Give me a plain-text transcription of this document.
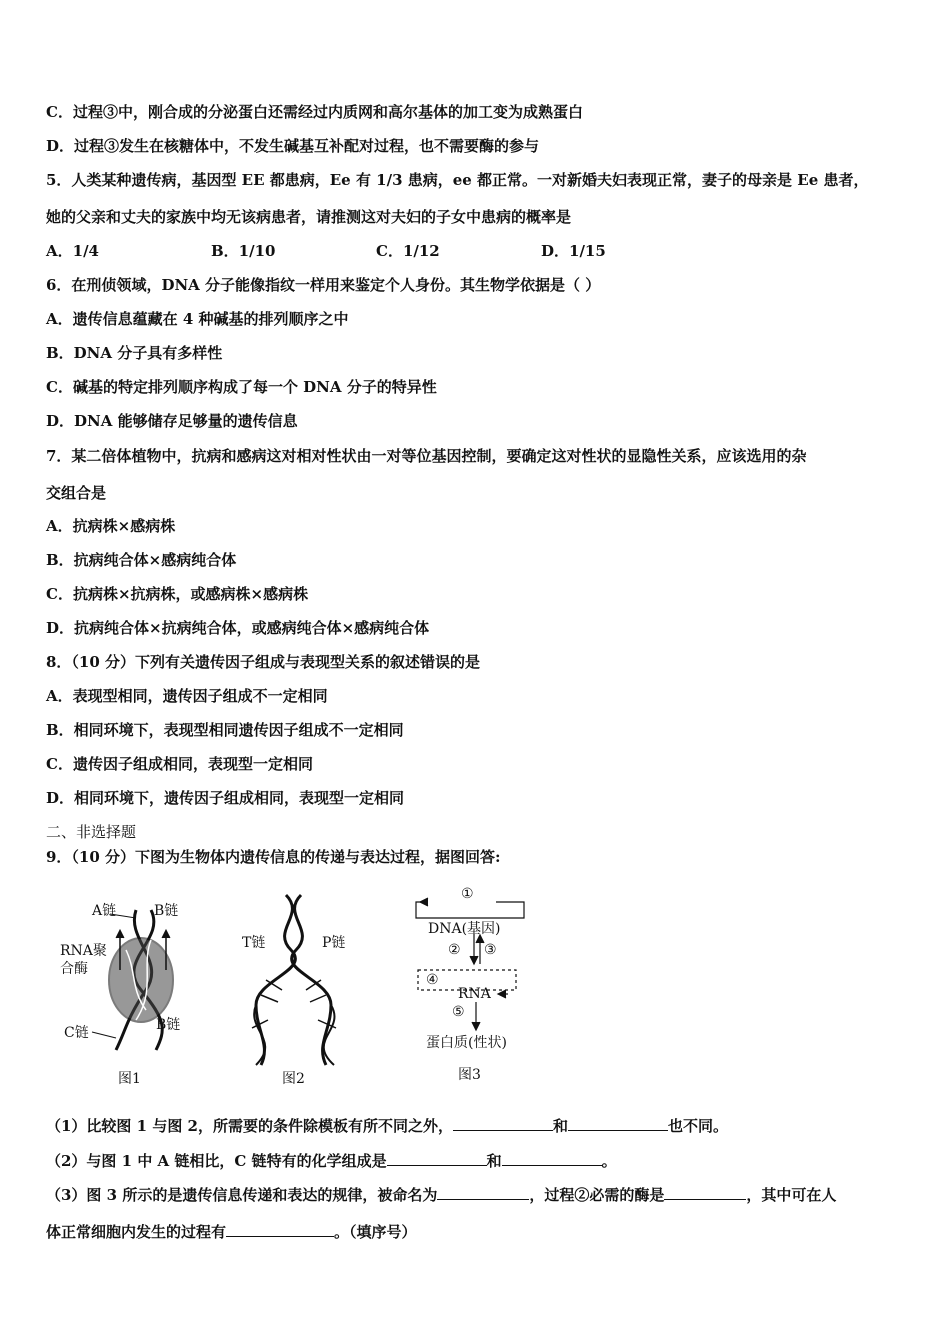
C．过程③中，刚合成的分泌蛋白还需经过内质网和高尔基体的加工变为成熟蛋白
D．过程③发生在核糖体中，不发生碱基互补配对过程，也不需要酶的参与
5．人类某种遗传病，基因型 EE 都患病，Ee 有 1/3 患病，ee 都正常。一对新婚夫妇表现正常，妻子的母亲是 Ee 患者，
她的父亲和丈夫的家族中均无该病患者，请推测这对夫妇的子女中患病的概率是
A．1/4	B．1/10	C．1/12	D．1/15
6．在刑侦领域，DNA 分子能像指纹一样用来鉴定个人身份。其生物学依据是（ ）
A．遗传信息蕴藏在 4 种碱基的排列顺序之中
B．DNA 分子具有多样性
C．碱基的特定排列顺序构成了每一个 DNA 分子的特异性
D．DNA 能够储存足够量的遗传信息
7．某二倍体植物中，抗病和感病这对相对性状由一对等位基因控制，要确定这对性状的显隐性关系，应该选用的杂
交组合是
A．抗病株×感病株
B．抗病纯合体×感病纯合体
C．抗病株×抗病株，或感病株×感病株
D．抗病纯合体×抗病纯合体，或感病纯合体×感病纯合体
8．（10 分）下列有关遗传因子组成与表现型关系的叙述错误的是
A．表现型相同，遗传因子组成不一定相同
B．相同环境下，表现型相同遗传因子组成不一定相同
C．遗传因子组成相同，表现型一定相同
D．相同环境下，遗传因子组成相同，表现型一定相同
二、非选择题
9．（10 分）下图为生物体内遗传信息的传递与表达过程，据图回答:
A链	B链
RNA聚
合酶
C链	B链
图1
T链	P链
图2
①
DNA(基因)
② ③
④
RNA
⑤
蛋白质(性状)
图3
（1）比较图 1 与图 2，所需要的条件除模板有所不同之外，	和	也不同。
（2）与图 1 中 A 链相比，C 链特有的化学组成是	和	。
（3）图 3 所示的是遗传信息传递和表达的规律，被命名为	，过程②必需的酶是	，其中可在人
体正常细胞内发生的过程有	。（填序号）
